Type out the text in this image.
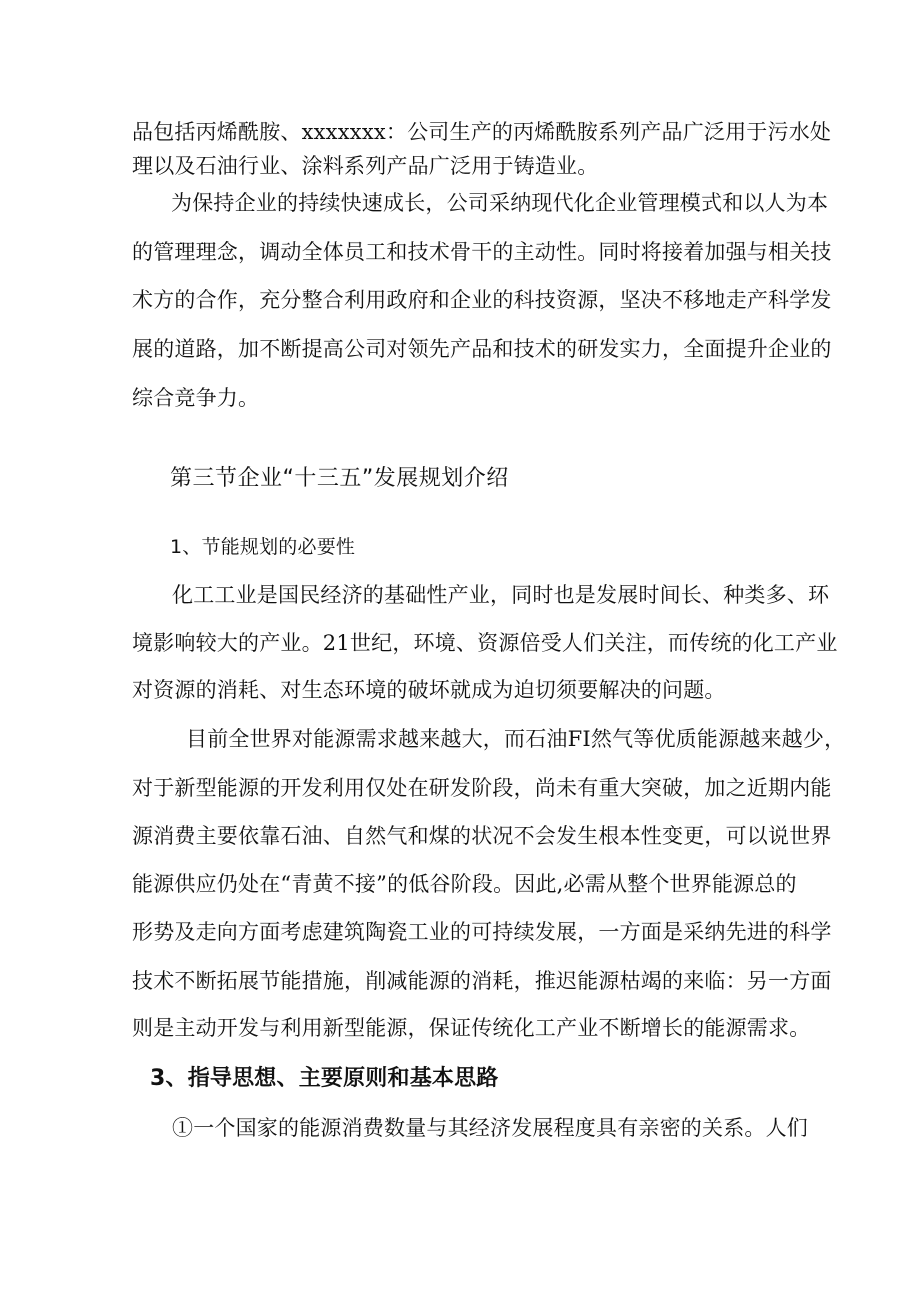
品包括丙烯酰胺、xxxxxxx：公司生产的丙烯酰胺系列产品广泛用于污水处
理以及石油行业、涂料系列产品广泛用于铸造业。
为保持企业的持续快速成长，公司采纳现代化企业管理模式和以人为本
的管理理念，调动全体员工和技术骨干的主动性。同时将接着加强与相关技
术方的合作，充分整合利用政府和企业的科技资源，坚决不移地走产科学发
展的道路，加不断提高公司对领先产品和技术的研发实力，全面提升企业的
综合竞争力。
第三节企业“十三五”发展规划介绍
1、节能规划的必要性
化工工业是国民经济的基础性产业，同时也是发展时间长、种类多、环
境影响较大的产业。21世纪，环境、资源倍受人们关注，而传统的化工产业
对资源的消耗、对生态环境的破坏就成为迫切须要解决的问题。
目前全世界对能源需求越来越大，而石油FI然气等优质能源越来越少，
对于新型能源的开发利用仅处在研发阶段，尚未有重大突破，加之近期内能
源消费主要依靠石油、自然气和煤的状况不会发生根本性变更，可以说世界
能源供应仍处在“青黄不接”的低谷阶段。因此,必需从整个世界能源总的
形势及走向方面考虑建筑陶瓷工业的可持续发展，一方面是采纳先进的科学
技术不断拓展节能措施，削减能源的消耗，推迟能源枯竭的来临：另一方面
则是主动开发与利用新型能源，保证传统化工产业不断增长的能源需求。
3、指导思想、主要原则和基本思路
①一个国家的能源消费数量与其经济发展程度具有亲密的关系。人们
